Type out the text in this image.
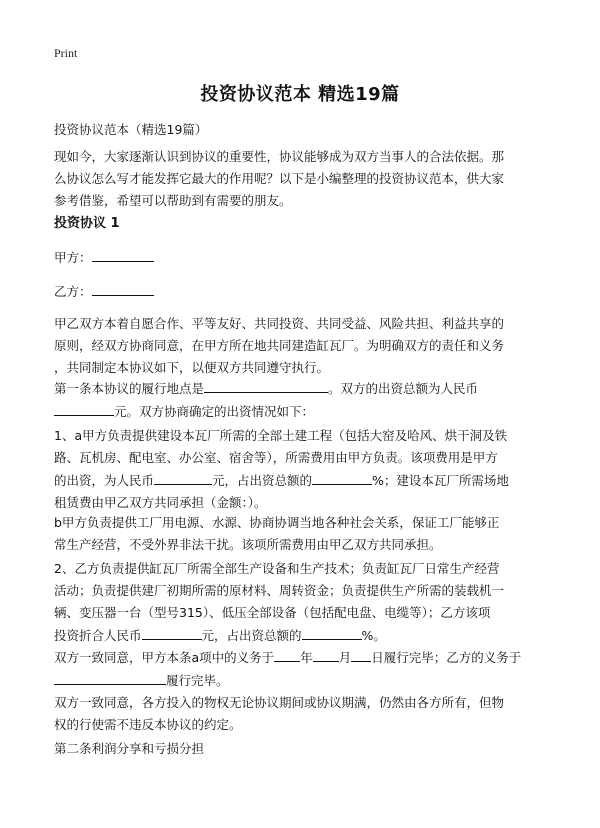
Print
投资协议范本 精选19篇

投资协议范本（精选19篇）

现如今，大家逐渐认识到协议的重要性，协议能够成为双方当事人的合法依据。那
么协议怎么写才能发挥它最大的作用呢？以下是小编整理的投资协议范本，供大家
参考借鉴，希望可以帮助到有需要的朋友。

投资协议 1

甲方：

乙方：

甲乙双方本着自愿合作、平等友好、共同投资、共同受益、风险共担、利益共享的
原则，经双方协商同意，在甲方所在地共同建造缸瓦厂。为明确双方的责任和义务
，共同制定本协议如下，以便双方共同遵守执行。

第一条本协议的履行地点是	。双方的出资总额为人民币
元。双方协商确定的出资情况如下：

1、a甲方负责提供建设本瓦厂所需的全部土建工程（包括大窑及哈风、烘干洞及铁
路、瓦机房、配电室、办公室、宿舍等），所需费用由甲方负责。该项费用是甲方
的出资，为人民币	元，占出资总额的	%；建设本瓦厂所需场地
租赁费由甲乙双方共同承担（金额：）。

b甲方负责提供工厂用电源、水源、协商协调当地各种社会关系，保证工厂能够正
常生产经营，不受外界非法干扰。该项所需费用由甲乙双方共同承担。

2、乙方负责提供缸瓦厂所需全部生产设备和生产技术；负责缸瓦厂日常生产经营
活动；负责提供建厂初期所需的原材料、周转资金；负责提供生产所需的装载机一
辆、变压器一台（型号315）、低压全部设备（包括配电盘、电缆等）；乙方该项
投资折合人民币	元，占出资总额的	%。

双方一致同意，甲方本条a项中的义务于 年 月 日履行完毕；乙方的义务于
履行完毕。

双方一致同意，各方投入的物权无论协议期间或协议期满，仍然由各方所有，但物
权的行使需不违反本协议的约定。

第二条利润分享和亏损分担
